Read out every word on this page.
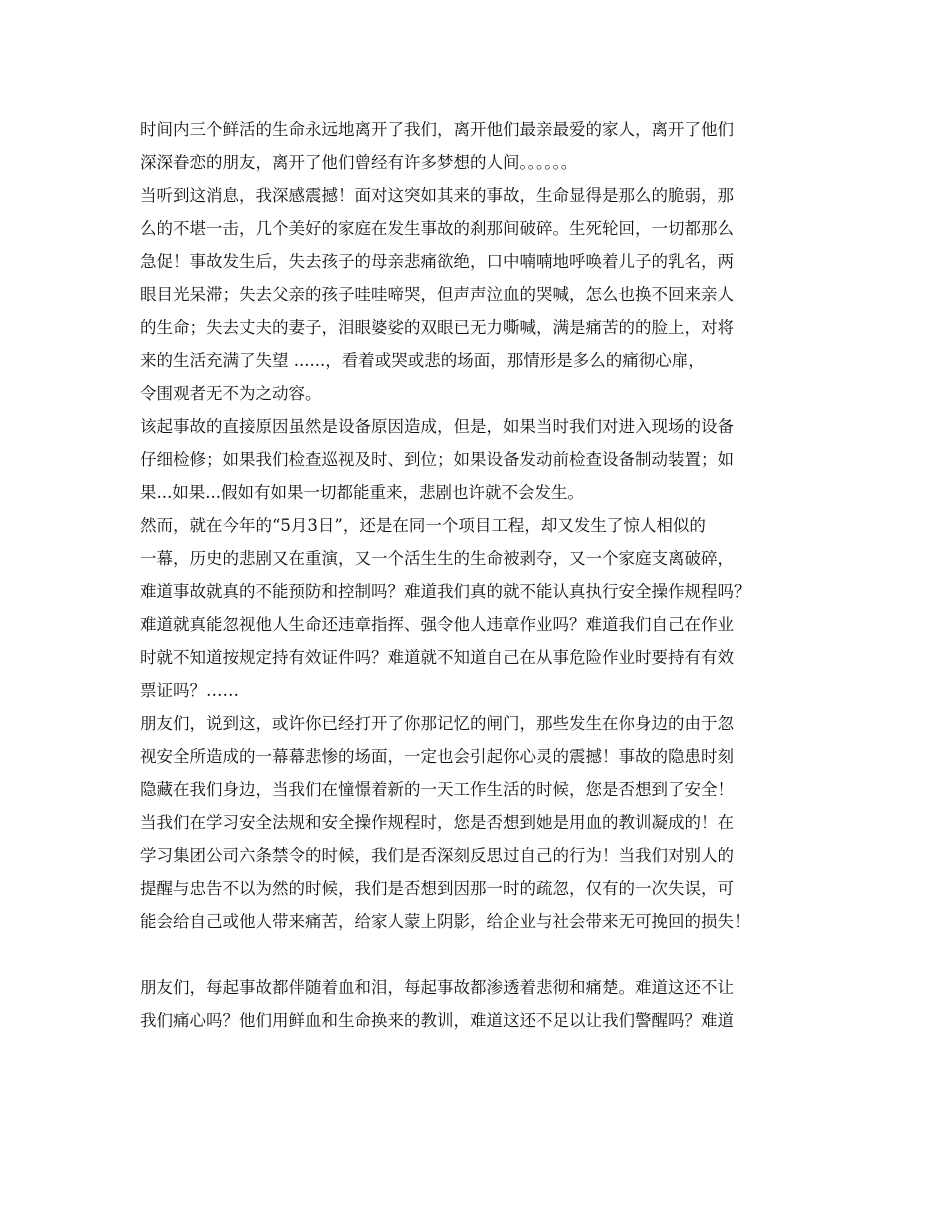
时间内三个鲜活的生命永远地离开了我们，离开他们最亲最爱的家人，离开了他们
深深眷恋的朋友，离开了他们曾经有许多梦想的人间。。。。。。
当听到这消息，我深感震撼！面对这突如其来的事故，生命显得是那么的脆弱，那
么的不堪一击，几个美好的家庭在发生事故的刹那间破碎。生死轮回，一切都那么
急促！事故发生后，失去孩子的母亲悲痛欲绝，口中喃喃地呼唤着儿子的乳名，两
眼目光呆滞；失去父亲的孩子哇哇啼哭，但声声泣血的哭喊，怎么也换不回来亲人
的生命；失去丈夫的妻子，泪眼婆娑的双眼已无力嘶喊，满是痛苦的的脸上，对将
来的生活充满了失望 ......，看着或哭或悲的场面，那情形是多么的痛彻心扉，
令围观者无不为之动容。
该起事故的直接原因虽然是设备原因造成，但是，如果当时我们对进入现场的设备
仔细检修；如果我们检查巡视及时、到位；如果设备发动前检查设备制动装置；如
果...如果...假如有如果一切都能重来，悲剧也许就不会发生。
然而，就在今年的“5月3日”，还是在同一个项目工程，却又发生了惊人相似的
一幕，历史的悲剧又在重演，又一个活生生的生命被剥夺，又一个家庭支离破碎，
难道事故就真的不能预防和控制吗？难道我们真的就不能认真执行安全操作规程吗？
难道就真能忽视他人生命还违章指挥、强令他人违章作业吗？难道我们自己在作业
时就不知道按规定持有效证件吗？难道就不知道自己在从事危险作业时要持有有效
票证吗？……
朋友们，说到这，或许你已经打开了你那记忆的闸门，那些发生在你身边的由于忽
视安全所造成的一幕幕悲惨的场面，一定也会引起你心灵的震撼！事故的隐患时刻
隐藏在我们身边，当我们在憧憬着新的一天工作生活的时候，您是否想到了安全！
当我们在学习安全法规和安全操作规程时，您是否想到她是用血的教训凝成的！在
学习集团公司六条禁令的时候，我们是否深刻反思过自己的行为！当我们对别人的
提醒与忠告不以为然的时候，我们是否想到因那一时的疏忽，仅有的一次失误，可
能会给自己或他人带来痛苦，给家人蒙上阴影，给企业与社会带来无可挽回的损失！
朋友们，每起事故都伴随着血和泪，每起事故都渗透着悲彻和痛楚。难道这还不让
我们痛心吗？他们用鲜血和生命换来的教训，难道这还不足以让我们警醒吗？难道
